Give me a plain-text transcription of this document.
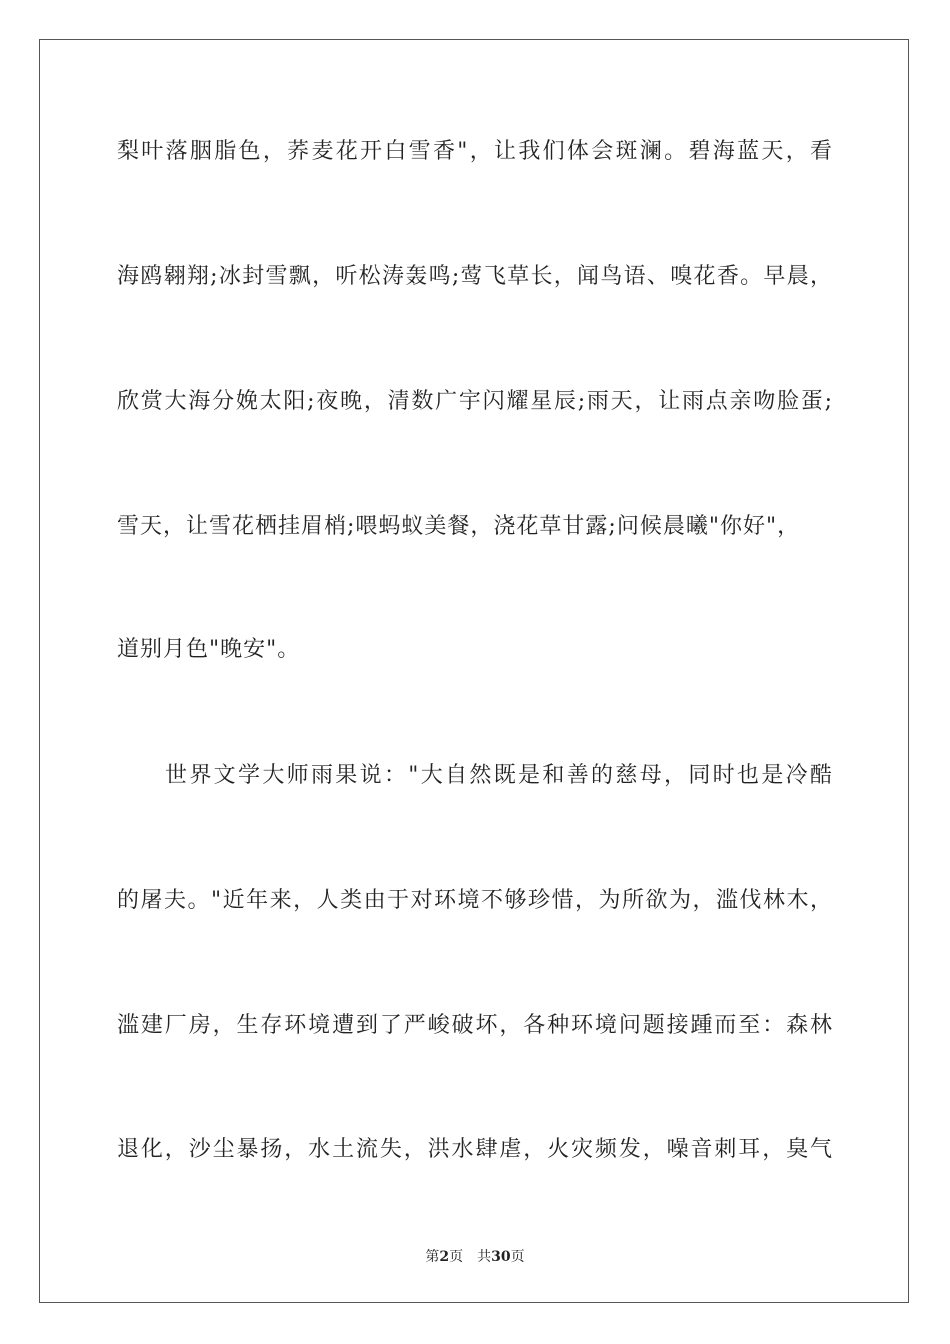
梨叶落胭脂色，荞麦花开白雪香"，让我们体会斑澜。碧海蓝天，看
海鸥翱翔;冰封雪飘，听松涛轰鸣;莺飞草长，闻鸟语、嗅花香。早晨，
欣赏大海分娩太阳;夜晚，清数广宇闪耀星辰;雨天，让雨点亲吻脸蛋;
雪天，让雪花栖挂眉梢;喂蚂蚁美餐，浇花草甘露;问候晨曦"你好"，
道别月色"晚安"。
世界文学大师雨果说："大自然既是和善的慈母，同时也是冷酷
的屠夫。"近年来，人类由于对环境不够珍惜，为所欲为，滥伐林木，
滥建厂房，生存环境遭到了严峻破坏，各种环境问题接踵而至：森林
退化，沙尘暴扬，水土流失，洪水肆虐，火灾频发，噪音刺耳，臭气
第2页 共30页
